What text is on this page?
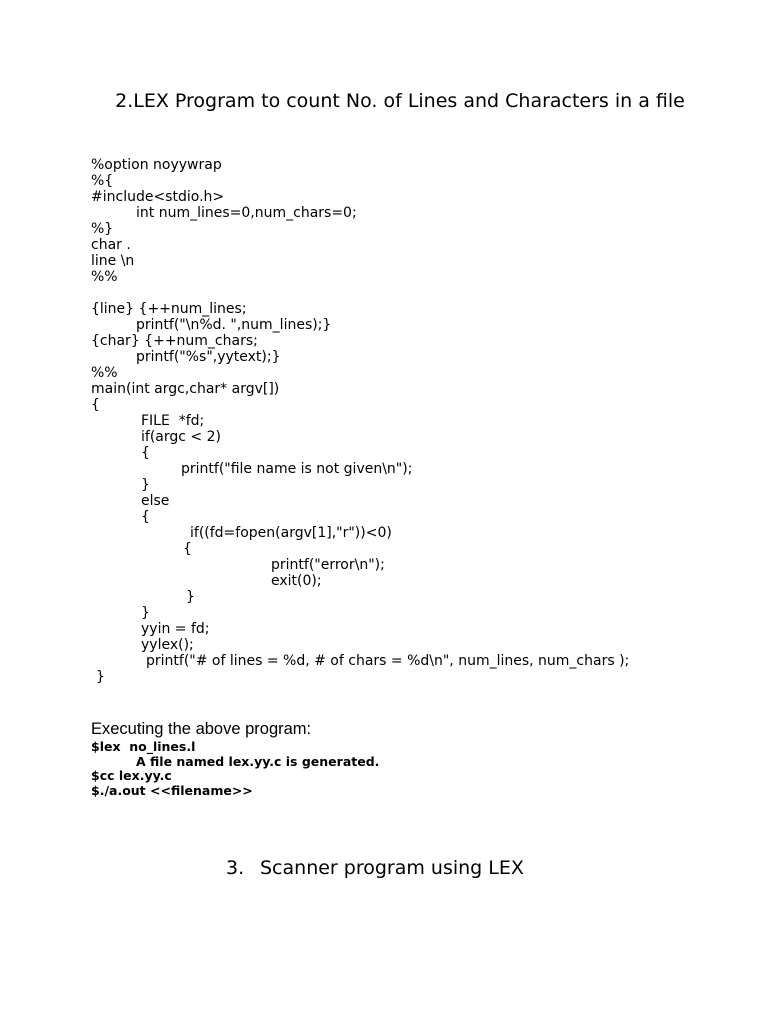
2.LEX Program to count No. of Lines and Characters in a file
%option noyywrap
%{
#include<stdio.h>
int num_lines=0,num_chars=0;
%}
char .
line \n
%%
{line} {++num_lines;
printf("\n%d. ",num_lines);}
{char} {++num_chars;
printf("%s",yytext);}
%%
main(int argc,char* argv[])
{
FILE  *fd;
if(argc < 2)
{
printf("file name is not given\n");
}
else
{
if((fd=fopen(argv[1],"r"))<0)
{
printf("error\n");
exit(0);
}
}
yyin = fd;
yylex();
printf("# of lines = %d, # of chars = %d\n", num_lines, num_chars );
}
Executing the above program:
$lex  no_lines.l
A file named lex.yy.c is generated.
$cc lex.yy.c
$./a.out <<filename>>
3. Scanner program using LEX
